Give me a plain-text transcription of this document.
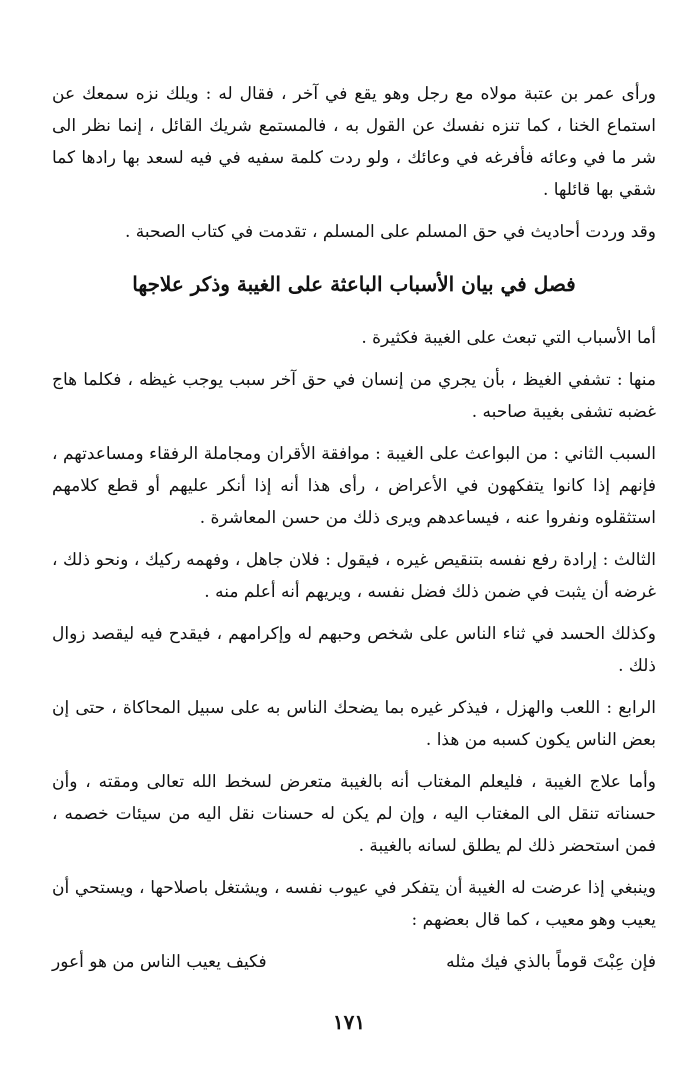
ورأى عمر بن عتبة مولاه مع رجل وهو يقع في آخر ، فقال له : ويلك نزه سمعك عن استماع الخنا ، كما تنزه نفسك عن القول به ، فالمستمع شريك القائل ، إنما نظر الى شر ما في وعائه فأفرغه في وعائك ، ولو ردت كلمة سفيه في فيه لسعد بها رادها كما شقي بها قائلها .

وقد وردت أحاديث في حق المسلم على المسلم ، تقدمت في كتاب الصحبة .

فصل في بيان الأسباب الباعثة على الغيبة وذكر علاجها

أما الأسباب التي تبعث على الغيبة فكثيرة .

منها : تشفي الغيظ ، بأن يجري من إنسان في حق آخر سبب يوجب غيظه ، فكلما هاج غضبه تشفى بغيبة صاحبه .

السبب الثاني : من البواعث على الغيبة : موافقة الأقران ومجاملة الرفقاء ومساعدتهم ، فإنهم إذا كانوا يتفكهون في الأعراض ، رأى هذا أنه إذا أنكر عليهم أو قطع كلامهم استثقلوه ونفروا عنه ، فيساعدهم ويرى ذلك من حسن المعاشرة .

الثالث : إرادة رفع نفسه بتنقيص غيره ، فيقول : فلان جاهل ، وفهمه ركيك ، ونحو ذلك ، غرضه أن يثبت في ضمن ذلك فضل نفسه ، ويريهم أنه أعلم منه .

وكذلك الحسد في ثناء الناس على شخص وحبهم له وإكرامهم ، فيقدح فيه ليقصد زوال ذلك .

الرابع : اللعب والهزل ، فيذكر غيره بما يضحك الناس به على سبيل المحاكاة ، حتى إن بعض الناس يكون كسبه من هذا .

وأما علاج الغيبة ، فليعلم المغتاب أنه بالغيبة متعرض لسخط الله تعالى ومقته ، وأن حسناته تنقل الى المغتاب اليه ، وإن لم يكن له حسنات نقل اليه من سيئات خصمه ، فمن استحضر ذلك لم يطلق لسانه بالغيبة .

وينبغي إذا عرضت له الغيبة أن يتفكر في عيوب نفسه ، ويشتغل باصلاحها ، ويستحي أن يعيب وهو معيب ، كما قال بعضهم :

فإن عِبْتَ قوماً بالذي فيك مثله
فكيف يعيب الناس من هو أعور
١٧١
